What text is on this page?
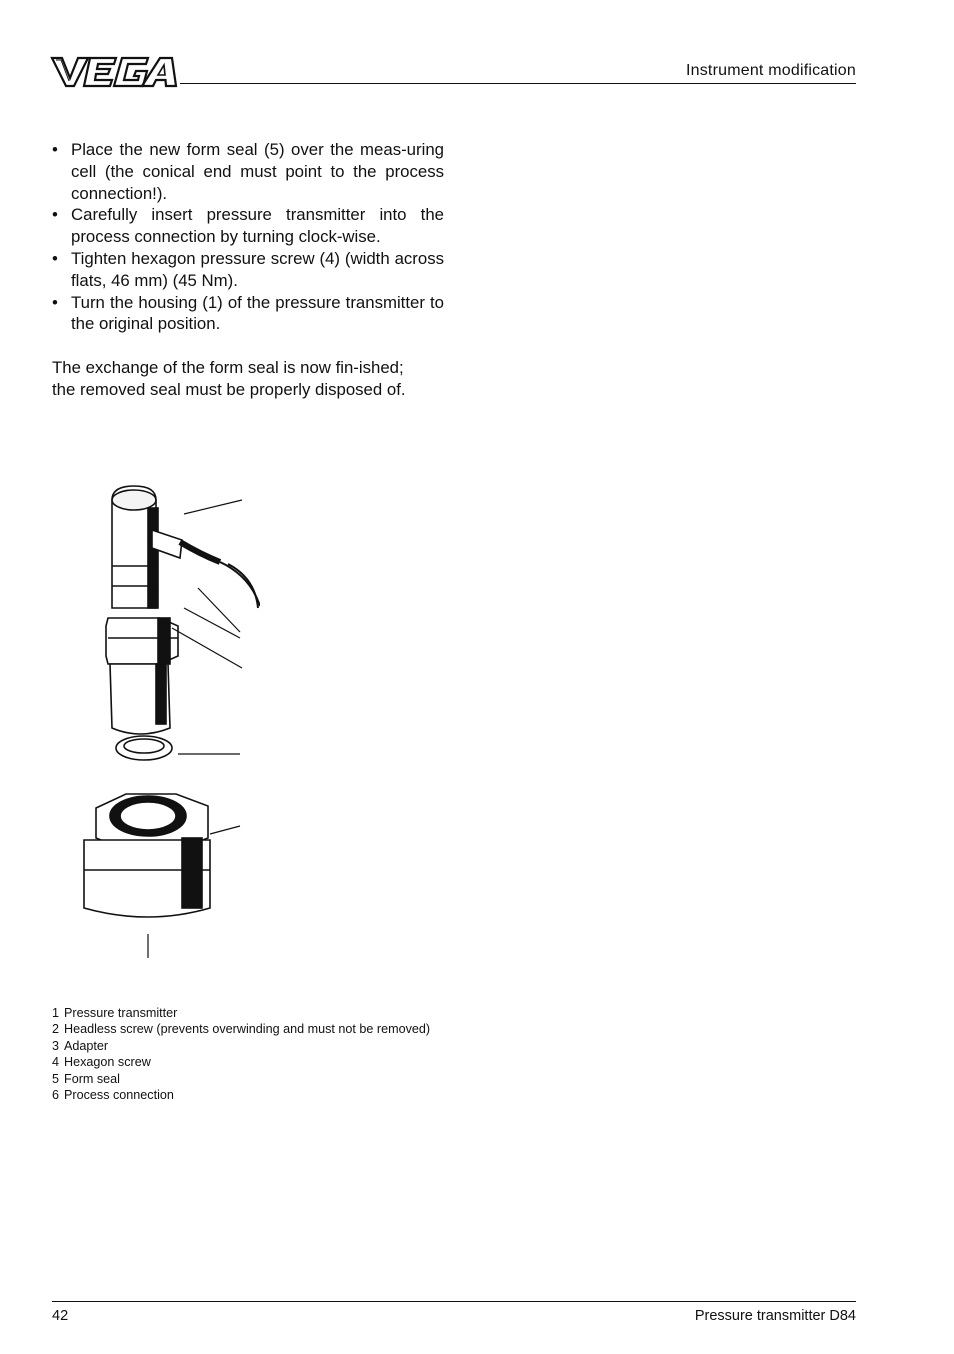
Instrument modification
• Place the new form seal (5) over the meas-uring cell (the conical end must point to the process connection!).
• Carefully insert pressure transmitter into the process connection by turning clock-wise.
• Tighten hexagon pressure screw (4) (width across flats, 46 mm) (45 Nm).
• Turn the housing (1) of the pressure transmitter to the original position.
The exchange of the form seal is now fin-ished; the removed seal must be properly disposed of.
1 Pressure transmitter
2 Headless screw (prevents overwinding and must not be removed)
3 Adapter
4 Hexagon screw
5 Form seal
6 Process connection
42	Pressure transmitter D84
